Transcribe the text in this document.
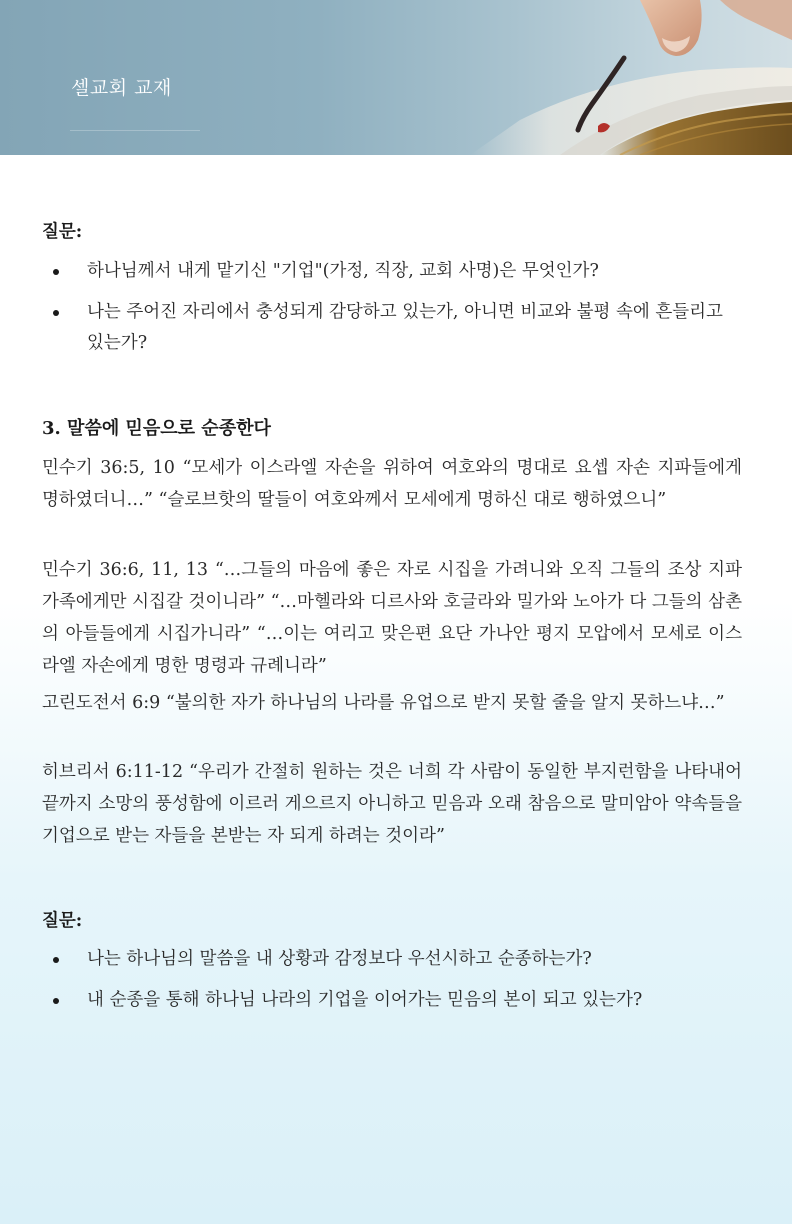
셀교회 교재
질문:
하나님께서 내게 맡기신 "기업"(가정, 직장, 교회 사명)은 무엇인가?
나는 주어진 자리에서 충성되게 감당하고 있는가, 아니면 비교와 불평 속에 흔들리고 있는가?
3. 말씀에 믿음으로 순종한다

민수기 36:5, 10 “모세가 이스라엘 자손을 위하여 여호와의 명대로 요셉 자손 지파들에게 명하였더니…” “슬로브핫의 딸들이 여호와께서 모세에게 명하신 대로 행하였으니”

민수기 36:6, 11, 13 “…그들의 마음에 좋은 자로 시집을 가려니와 오직 그들의 조상 지파 가족에게만 시집갈 것이니라” “…마헬라와 디르사와 호글라와 밀가와 노아가 다 그들의 삼촌의 아들들에게 시집가니라” “…이는 여리고 맞은편 요단 가나안 평지 모압에서 모세로 이스라엘 자손에게 명한 명령과 규례니라”

고린도전서 6:9 “불의한 자가 하나님의 나라를 유업으로 받지 못할 줄을 알지 못하느냐…”

히브리서 6:11-12 “우리가 간절히 원하는 것은 너희 각 사람이 동일한 부지런함을 나타내어 끝까지 소망의 풍성함에 이르러 게으르지 아니하고 믿음과 오래 참음으로 말미암아 약속들을 기업으로 받는 자들을 본받는 자 되게 하려는 것이라”

질문:
나는 하나님의 말씀을 내 상황과 감정보다 우선시하고 순종하는가?
내 순종을 통해 하나님 나라의 기업을 이어가는 믿음의 본이 되고 있는가?
